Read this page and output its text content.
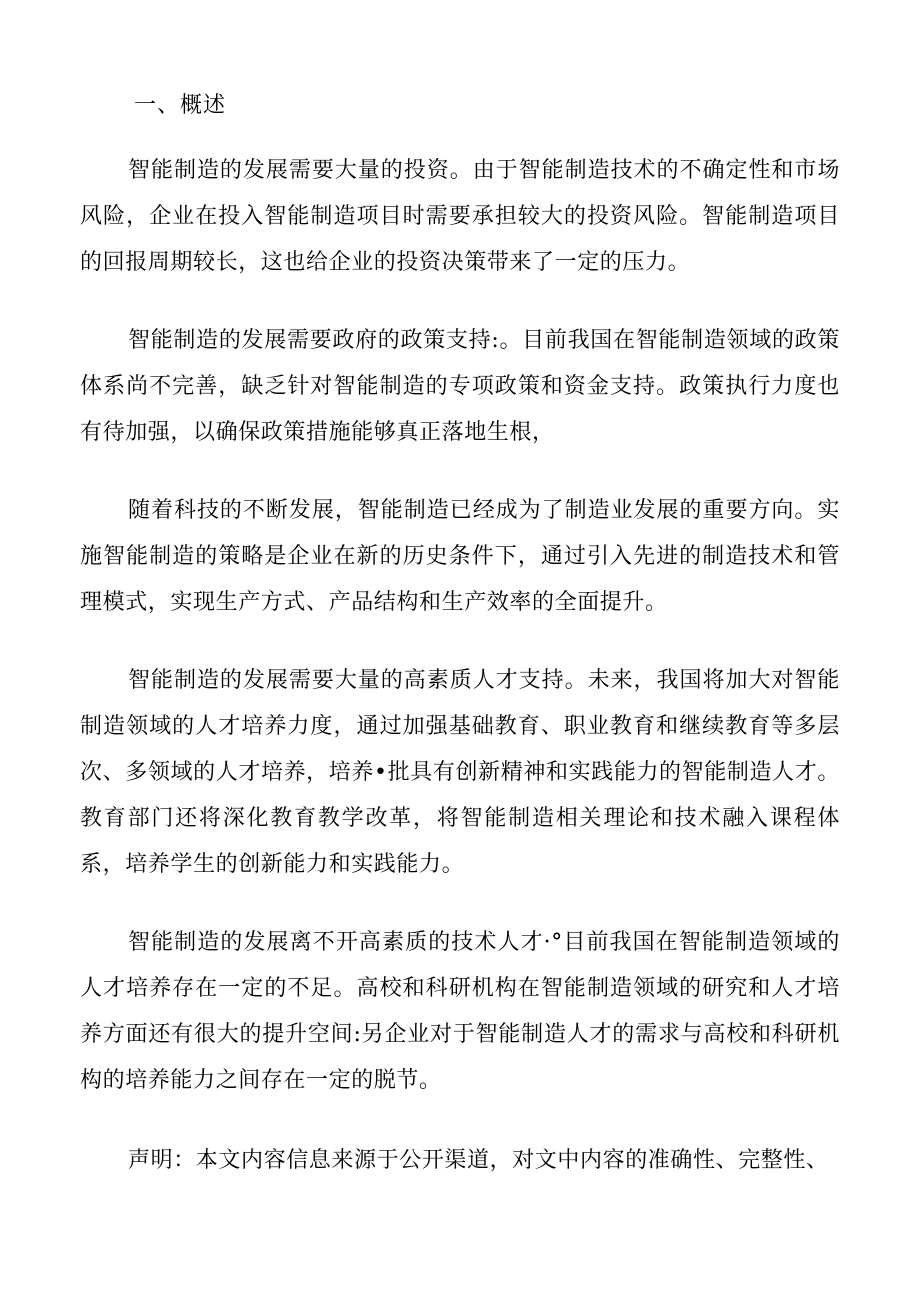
一、概述

智能制造的发展需要大量的投资。由于智能制造技术的不确定性和市场风险，企业在投入智能制造项目时需要承担较大的投资风险。智能制造项目的回报周期较长，这也给企业的投资决策带来了一定的压力。

智能制造的发展需要政府的政策支持:。目前我国在智能制造领域的政策体系尚不完善，缺乏针对智能制造的专项政策和资金支持。政策执行力度也有待加强，以确保政策措施能够真正落地生根，

随着科技的不断发展，智能制造已经成为了制造业发展的重要方向。实施智能制造的策略是企业在新的历史条件下，通过引入先进的制造技术和管理模式，实现生产方式、产品结构和生产效率的全面提升。

智能制造的发展需要大量的高素质人才支持。未来，我国将加大对智能制造领域的人才培养力度，通过加强基础教育、职业教育和继续教育等多层次、多领域的人才培养，培养•批具有创新精神和实践能力的智能制造人才。教育部门还将深化教育教学改革，将智能制造相关理论和技术融入课程体系，培养学生的创新能力和实践能力。

智能制造的发展离不开高素质的技术人才·°目前我国在智能制造领域的人才培养存在一定的不足。高校和科研机构在智能制造领域的研究和人才培养方面还有很大的提升空间:另企业对于智能制造人才的需求与高校和科研机构的培养能力之间存在一定的脱节。

声明：本文内容信息来源于公开渠道，对文中内容的准确性、完整性、
